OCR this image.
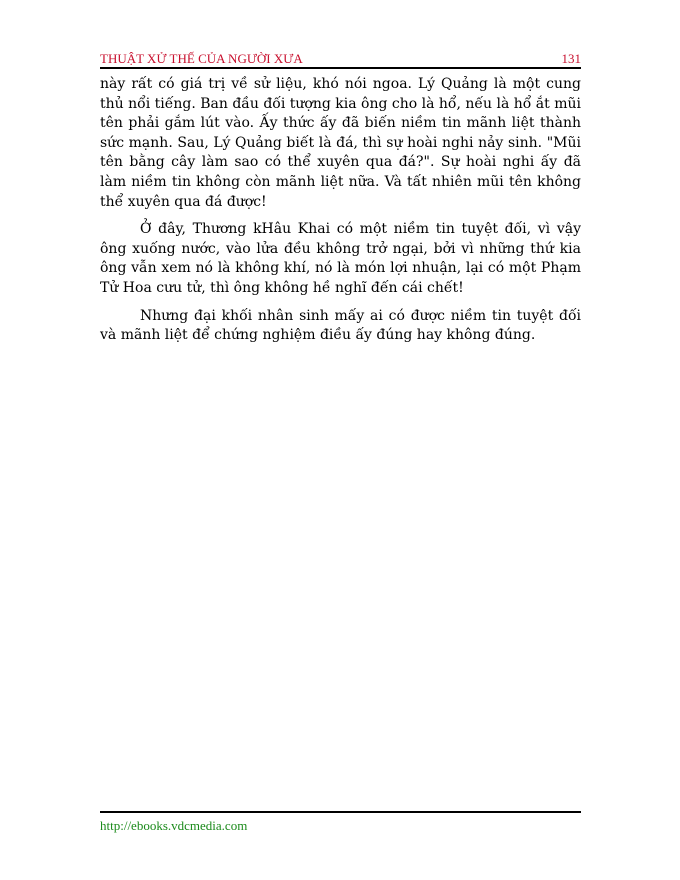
THUẬT XỬ THẾ CỦA NGƯỜI XƯA	131

này rất có giá trị về sử liệu, khó nói ngoa. Lý Quảng là một cung thủ nổi tiếng. Ban đầu đối tượng kia ông cho là hổ, nếu là hổ ắt mũi tên phải gắm lút vào. Ấy thức ấy đã biến niềm tin mãnh liệt thành sức mạnh. Sau, Lý Quảng biết là đá, thì sự hoài nghi nảy sinh. "Mũi tên bằng cây làm sao có thể xuyên qua đá?". Sự hoài nghi ấy đã làm niềm tin không còn mãnh liệt nữa. Và tất nhiên mũi tên không thể xuyên qua đá được!

Ở đây, Thương kHâu Khai có một niềm tin tuyệt đối, vì vậy ông xuống nước, vào lửa đều không trở ngại, bởi vì những thứ kia ông vẫn xem nó là không khí, nó là món lợi nhuận, lại có một Phạm Tử Hoa cưu tử, thì ông không hề nghĩ đến cái chết!

Nhưng đại khối nhân sinh mấy ai có được niềm tin tuyệt đối và mãnh liệt để chứng nghiệm điều ấy đúng hay không đúng.

http://ebooks.vdcmedia.com
